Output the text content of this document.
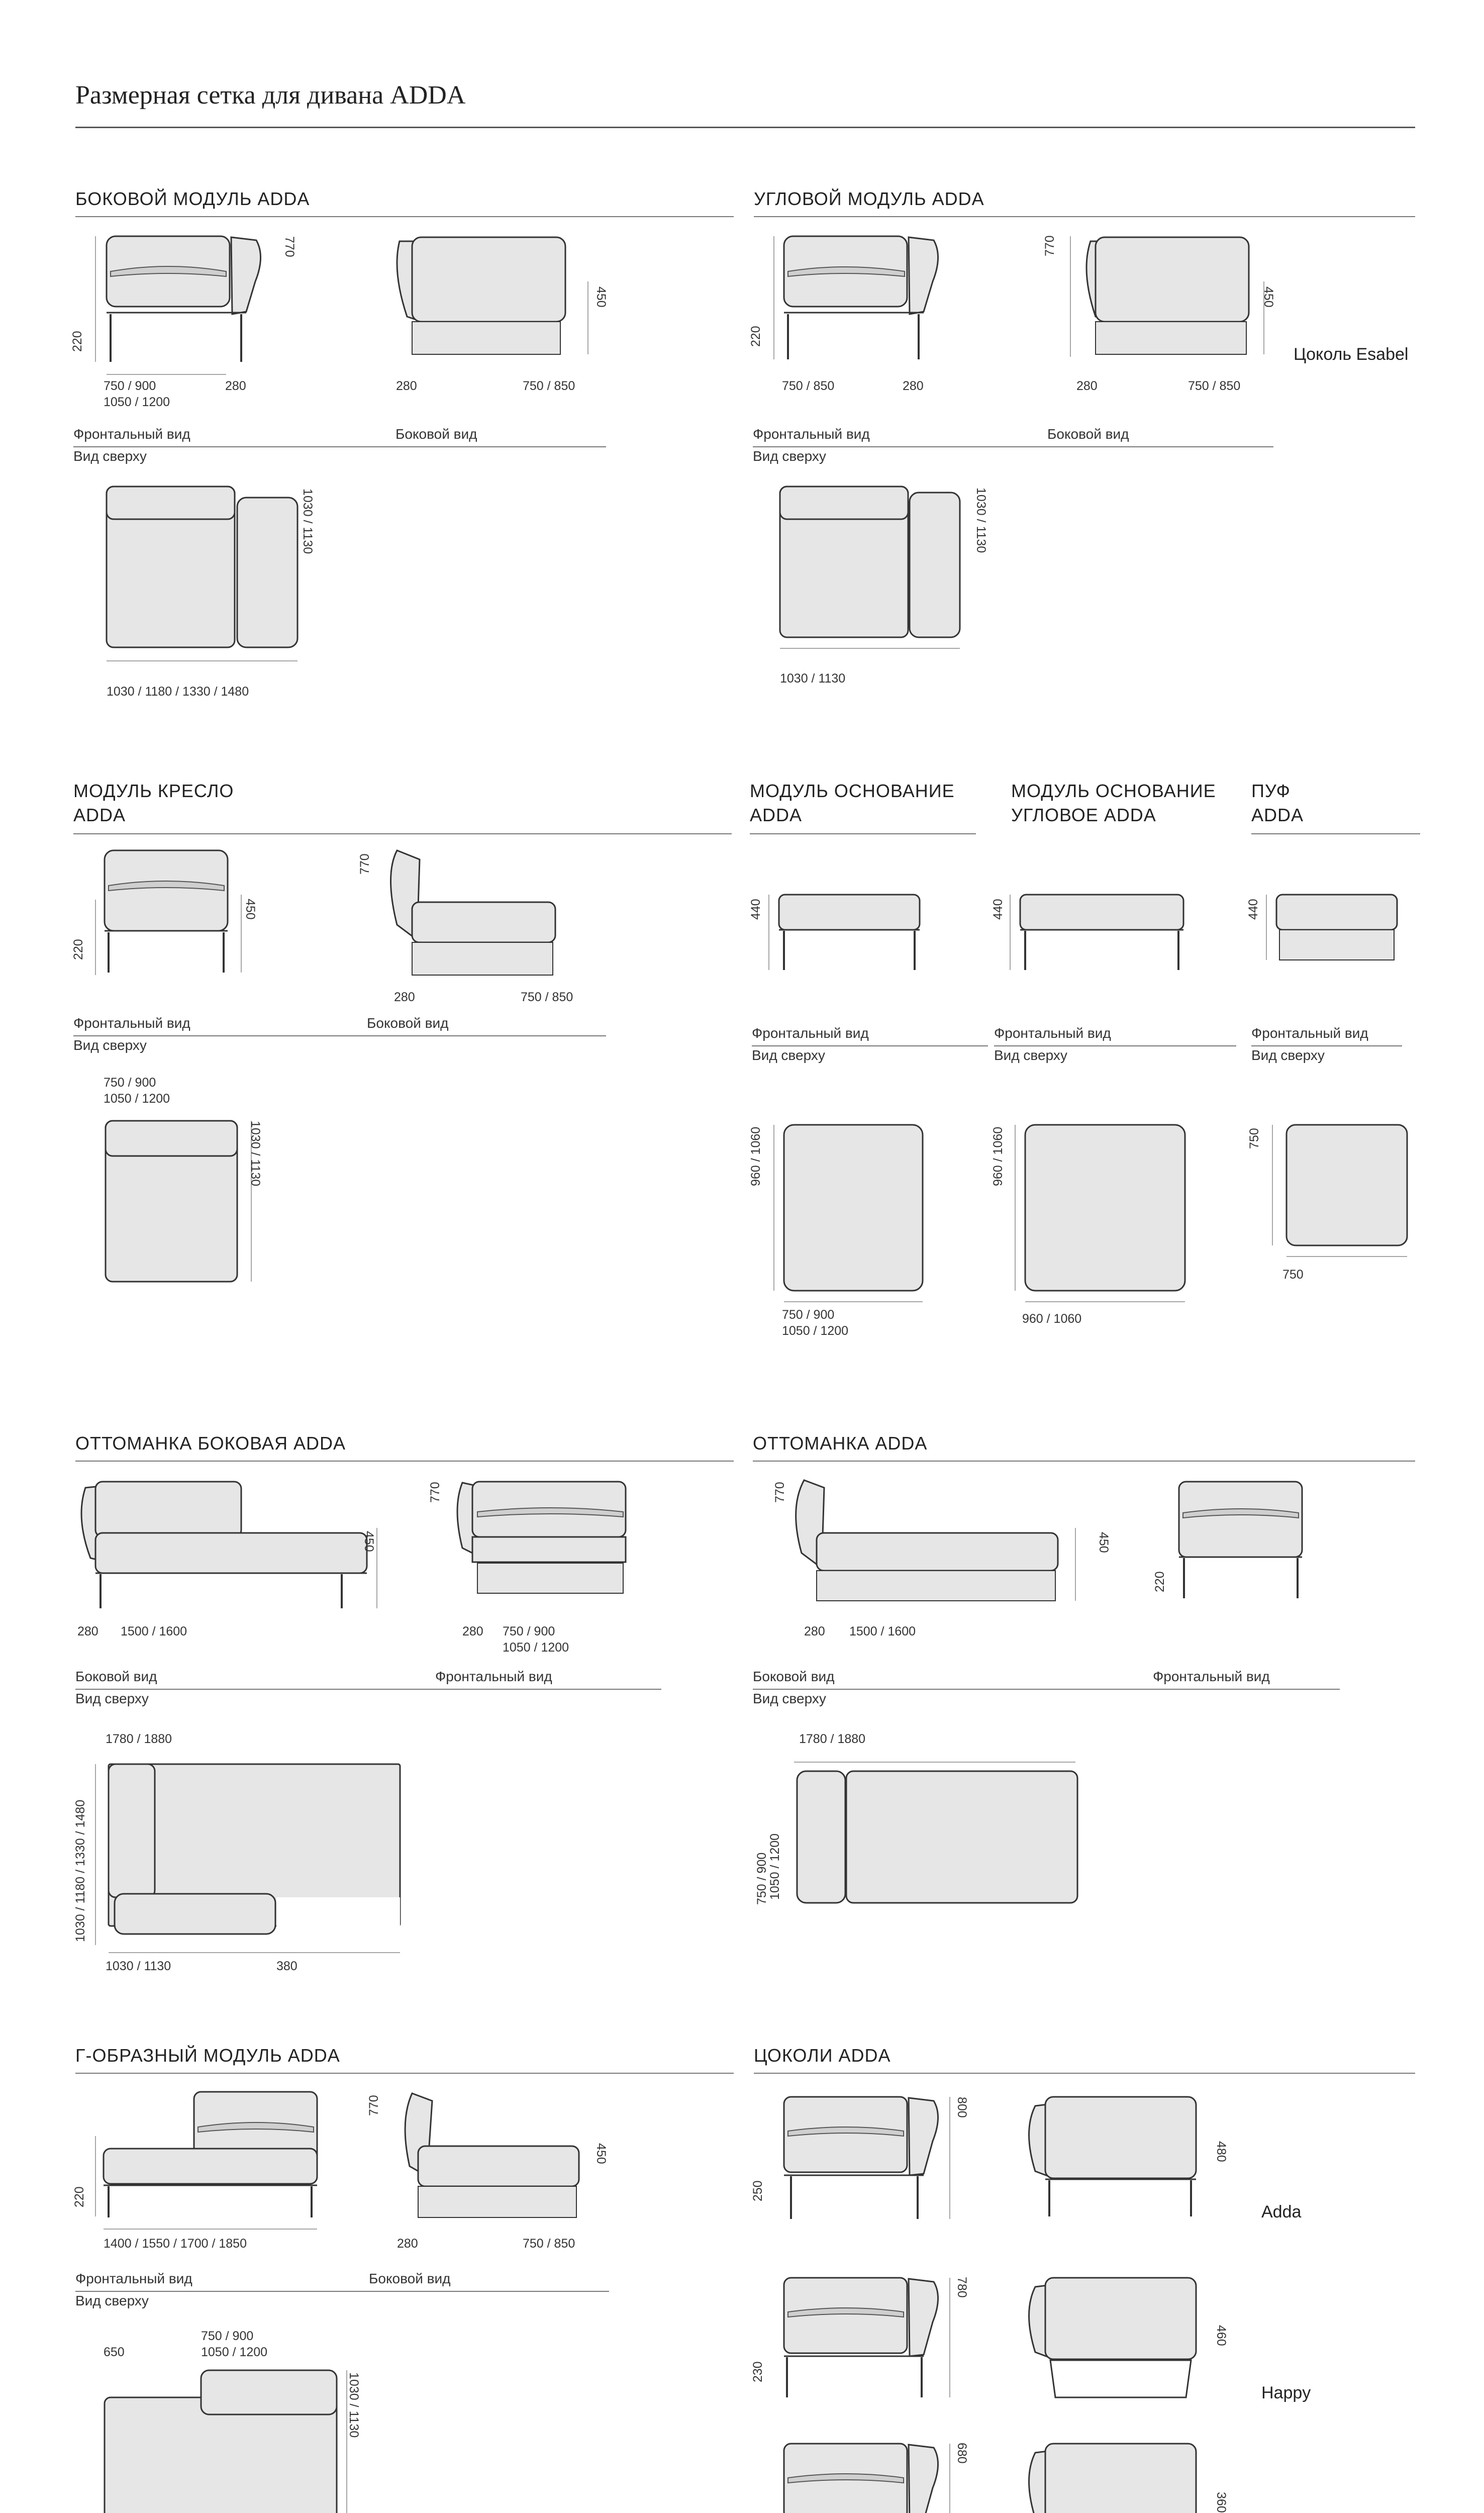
Размерная сетка для дивана ADDA
БОКОВОЙ МОДУЛЬ ADDA
770
220
750 / 900
1050 / 1200
280
450
280	750 / 850
Фронтальный вид	Боковой вид
Вид сверху
1030 / 1130
1030 / 1180 / 1330 / 1480
УГЛОВОЙ МОДУЛЬ ADDA
220
750 / 850	280
770
450
Цоколь Esabel
280	750 / 850
Фронтальный вид	Боковой вид
Вид сверху
1030 / 1130
1030 / 1130
МОДУЛЬ КРЕСЛО
ADDA
220
450
770
280	750 / 850
Фронтальный вид	Боковой вид
Вид сверху
750 / 900
1050 / 1200
1030 / 1130
МОДУЛЬ ОСНОВАНИЕ
ADDA
440
Фронтальный вид
Вид сверху
960 / 1060
750 / 900
1050 / 1200
МОДУЛЬ ОСНОВАНИЕ
УГЛОВОЕ ADDA
440
Фронтальный вид
Вид сверху
960 / 1060
960 / 1060
ПУФ
ADDA
440
Фронтальный вид
Вид сверху
750
750
ОТТОМАНКА БОКОВАЯ ADDA
450
280 1500 / 1600
770
280 750 / 900
1050 / 1200
Боковой вид	Фронтальный вид
Вид сверху
1780 / 1880
1030 / 1180 / 1330 / 1480
1030 / 1130	380
ОТТОМАНКА ADDA
770
450
280 1500 / 1600
220
Боковой вид	Фронтальный вид
Вид сверху
1780 / 1880
750 / 900
1050 / 1200
Г-ОБРАЗНЫЙ МОДУЛЬ ADDA
220
1400 / 1550 / 1700 / 1850
770
450
280	750 / 850
Фронтальный вид	Боковой вид
Вид сверху
650
750 / 900
1050 / 1200
1030 / 1130
ЦОКОЛИ ADDA
250
800
480
Adda
230
780
460
Happy
680
360
